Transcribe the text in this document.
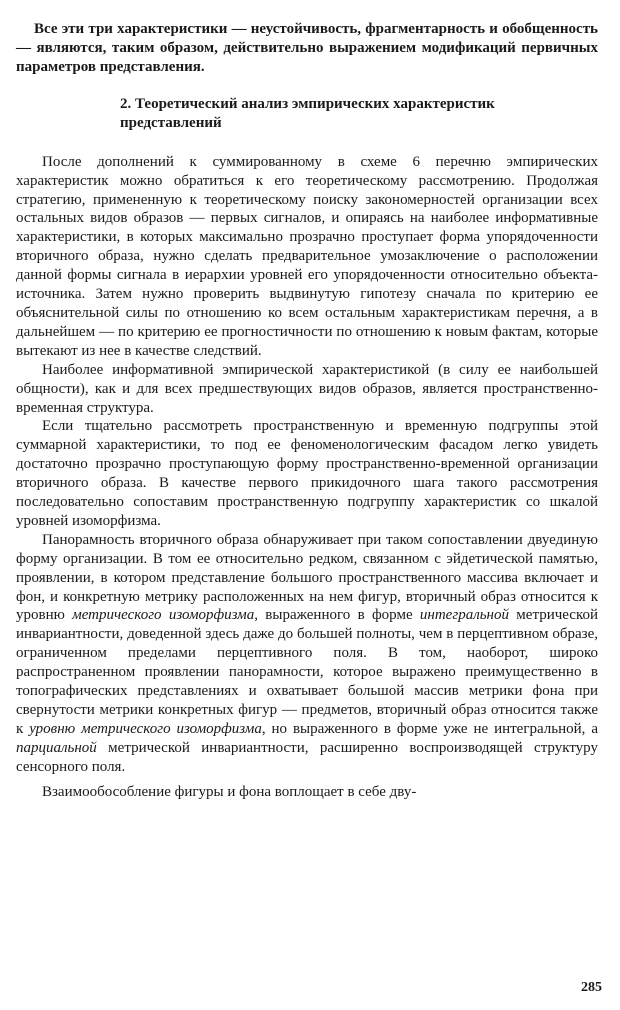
Все эти три характеристики — неустойчивость, фрагментарность и обобщенность — являются, таким образом, действительно выражением модификаций первичных параметров представления.

2. Теоретический анализ эмпирических характеристик представлений

После дополнений к суммированному в схеме 6 перечню эмпирических характеристик можно обратиться к его теоретическому рассмотрению. Продолжая стратегию, примененную к теоретическому поиску закономерностей организации всех остальных видов образов — первых сигналов, и опираясь на наиболее информативные характеристики, в которых максимально прозрачно проступает форма упорядоченности вторичного образа, нужно сделать предварительное умозаключение о расположении данной формы сигнала в иерархии уровней его упорядоченности относительно объекта-источника. Затем нужно проверить выдвинутую гипотезу сначала по критерию ее объяснительной силы по отношению ко всем остальным характеристикам перечня, а в дальнейшем — по критерию ее прогностичности по отношению к новым фактам, которые вытекают из нее в качестве следствий.

Наиболее информативной эмпирической характеристикой (в силу ее наибольшей общности), как и для всех предшествующих видов образов, является пространственно-временная структура.

Если тщательно рассмотреть пространственную и временную подгруппы этой суммарной характеристики, то под ее феноменологическим фасадом легко увидеть достаточно прозрачно проступающую форму пространственно-временной организации вторичного образа. В качестве первого прикидочного шага такого рассмотрения последовательно сопоставим пространственную подгруппу характеристик со шкалой уровней изоморфизма.

Панорамность вторичного образа обнаруживает при таком сопоставлении двуединую форму организации. В том ее относительно редком, связанном с эйдетической памятью, проявлении, в котором представление большого пространственного массива включает и фон, и конкретную метрику расположенных на нем фигур, вторичный образ относится к уровню метрического изоморфизма, выраженного в форме интегральной метрической инвариантности, доведенной здесь даже до большей полноты, чем в перцептивном образе, ограниченном пределами перцептивного поля. В том, наоборот, широко распространенном проявлении панорамности, которое выражено преимущественно в топографических представлениях и охватывает большой массив метрики фона при свернутости метрики конкретных фигур — предметов, вторичный образ относится также к уровню метрического изоморфизма, но выраженного в форме уже не интегральной, а парциальной метрической инвариантности, расширенно воспроизводящей структуру сенсорного поля.

Взаимообособление фигуры и фона воплощает в себе дву-

285
